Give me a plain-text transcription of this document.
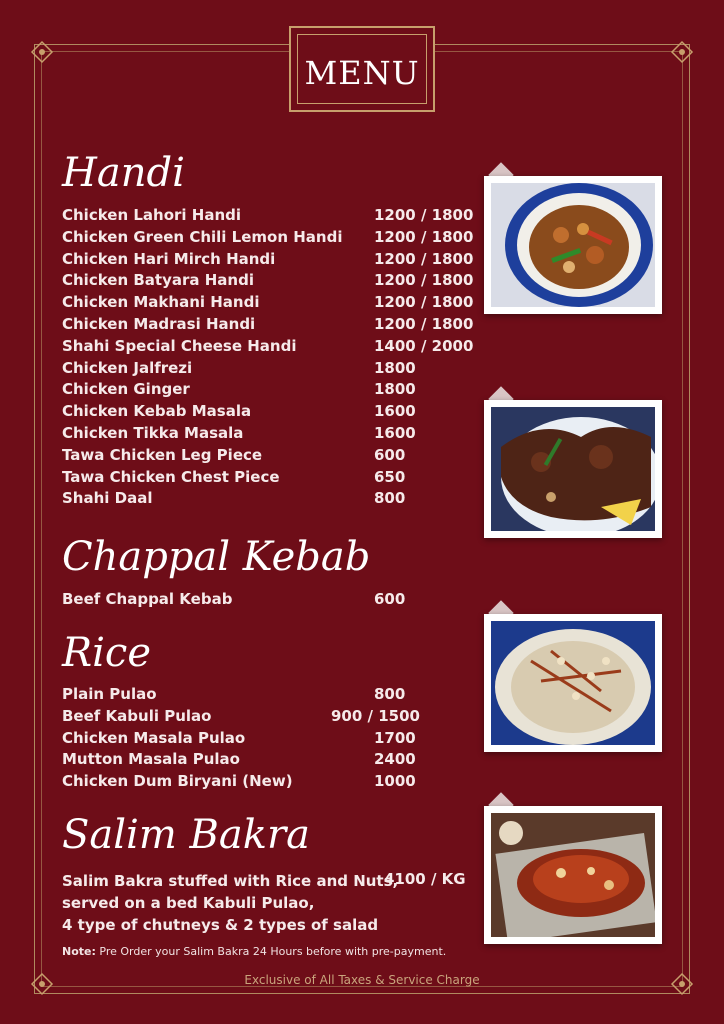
MENU
Handi
Chicken Lahori Handi	1200 / 1800
Chicken Green Chili Lemon Handi 1200 / 1800
Chicken Hari Mirch Handi	1200 / 1800
Chicken Batyara Handi	1200 / 1800
Chicken Makhani Handi	1200 / 1800
Chicken Madrasi Handi	1200 / 1800
Shahi Special Cheese Handi	1400 / 2000
Chicken Jalfrezi	1800
Chicken Ginger	1800
Chicken Kebab Masala	1600
Chicken Tikka Masala	1600
Tawa Chicken Leg Piece	600
Tawa Chicken Chest Piece	650
Shahi Daal	800
Chappal Kebab
Beef Chappal Kebab	600
Rice
Plain Pulao	800
Beef Kabuli Pulao	900 / 1500
Chicken Masala Pulao	1700
Mutton Masala Pulao	2400
Chicken Dum Biryani (New)	1000
Salim Bakra
Salim Bakra stuffed with Rice and Nuts,
4100 / KG
served on a bed Kabuli Pulao,
4 type of chutneys & 2 types of salad
Note: Pre Order your Salim Bakra 24 Hours before with pre-payment.
Exclusive of All Taxes & Service Charge
